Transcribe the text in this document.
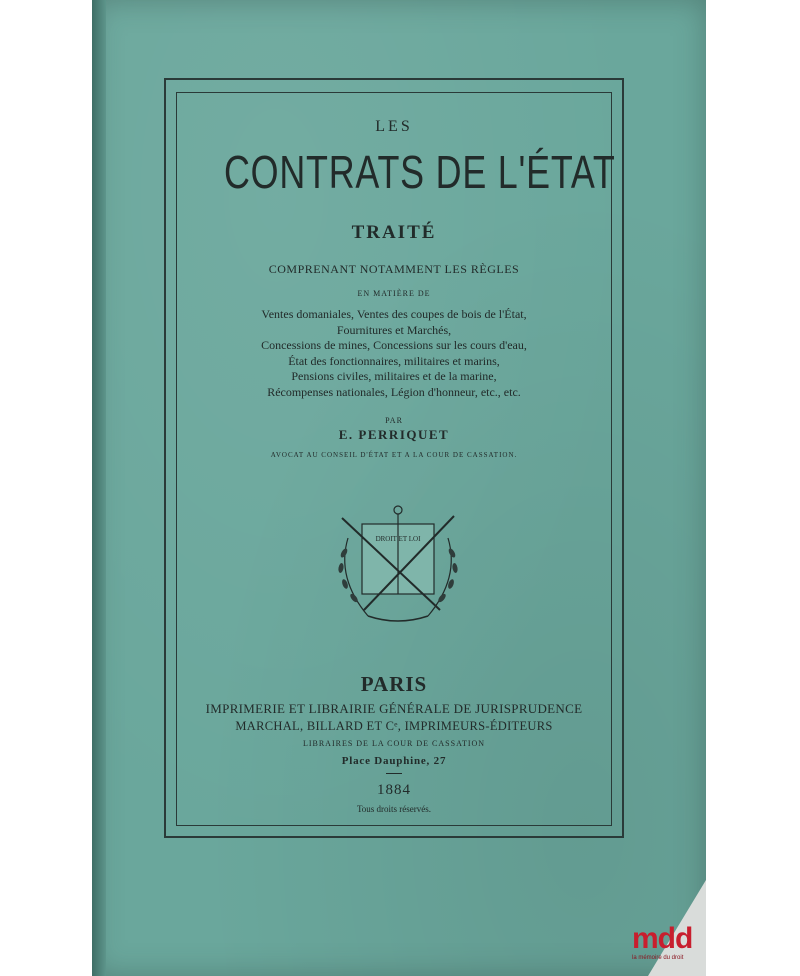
LES
CONTRATS DE L'ÉTAT
TRAITÉ
COMPRENANT NOTAMMENT LES RÈGLES
EN MATIÈRE DE
Ventes domaniales, Ventes des coupes de bois de l'État,
Fournitures et Marchés,
Concessions de mines, Concessions sur les cours d'eau,
État des fonctionnaires, militaires et marins,
Pensions civiles, militaires et de la marine,
Récompenses nationales, Légion d'honneur, etc., etc.
PAR
E. PERRIQUET
AVOCAT AU CONSEIL D'ÉTAT ET A LA COUR DE CASSATION.
DROIT ET LOI
PARIS
IMPRIMERIE ET LIBRAIRIE GÉNÉRALE DE JURISPRUDENCE
MARCHAL, BILLARD ET Cᵉ, IMPRIMEURS-ÉDITEURS
LIBRAIRES DE LA COUR DE CASSATION
Place Dauphine, 27
1884
Tous droits réservés.
mdd
la mémoire du droit
